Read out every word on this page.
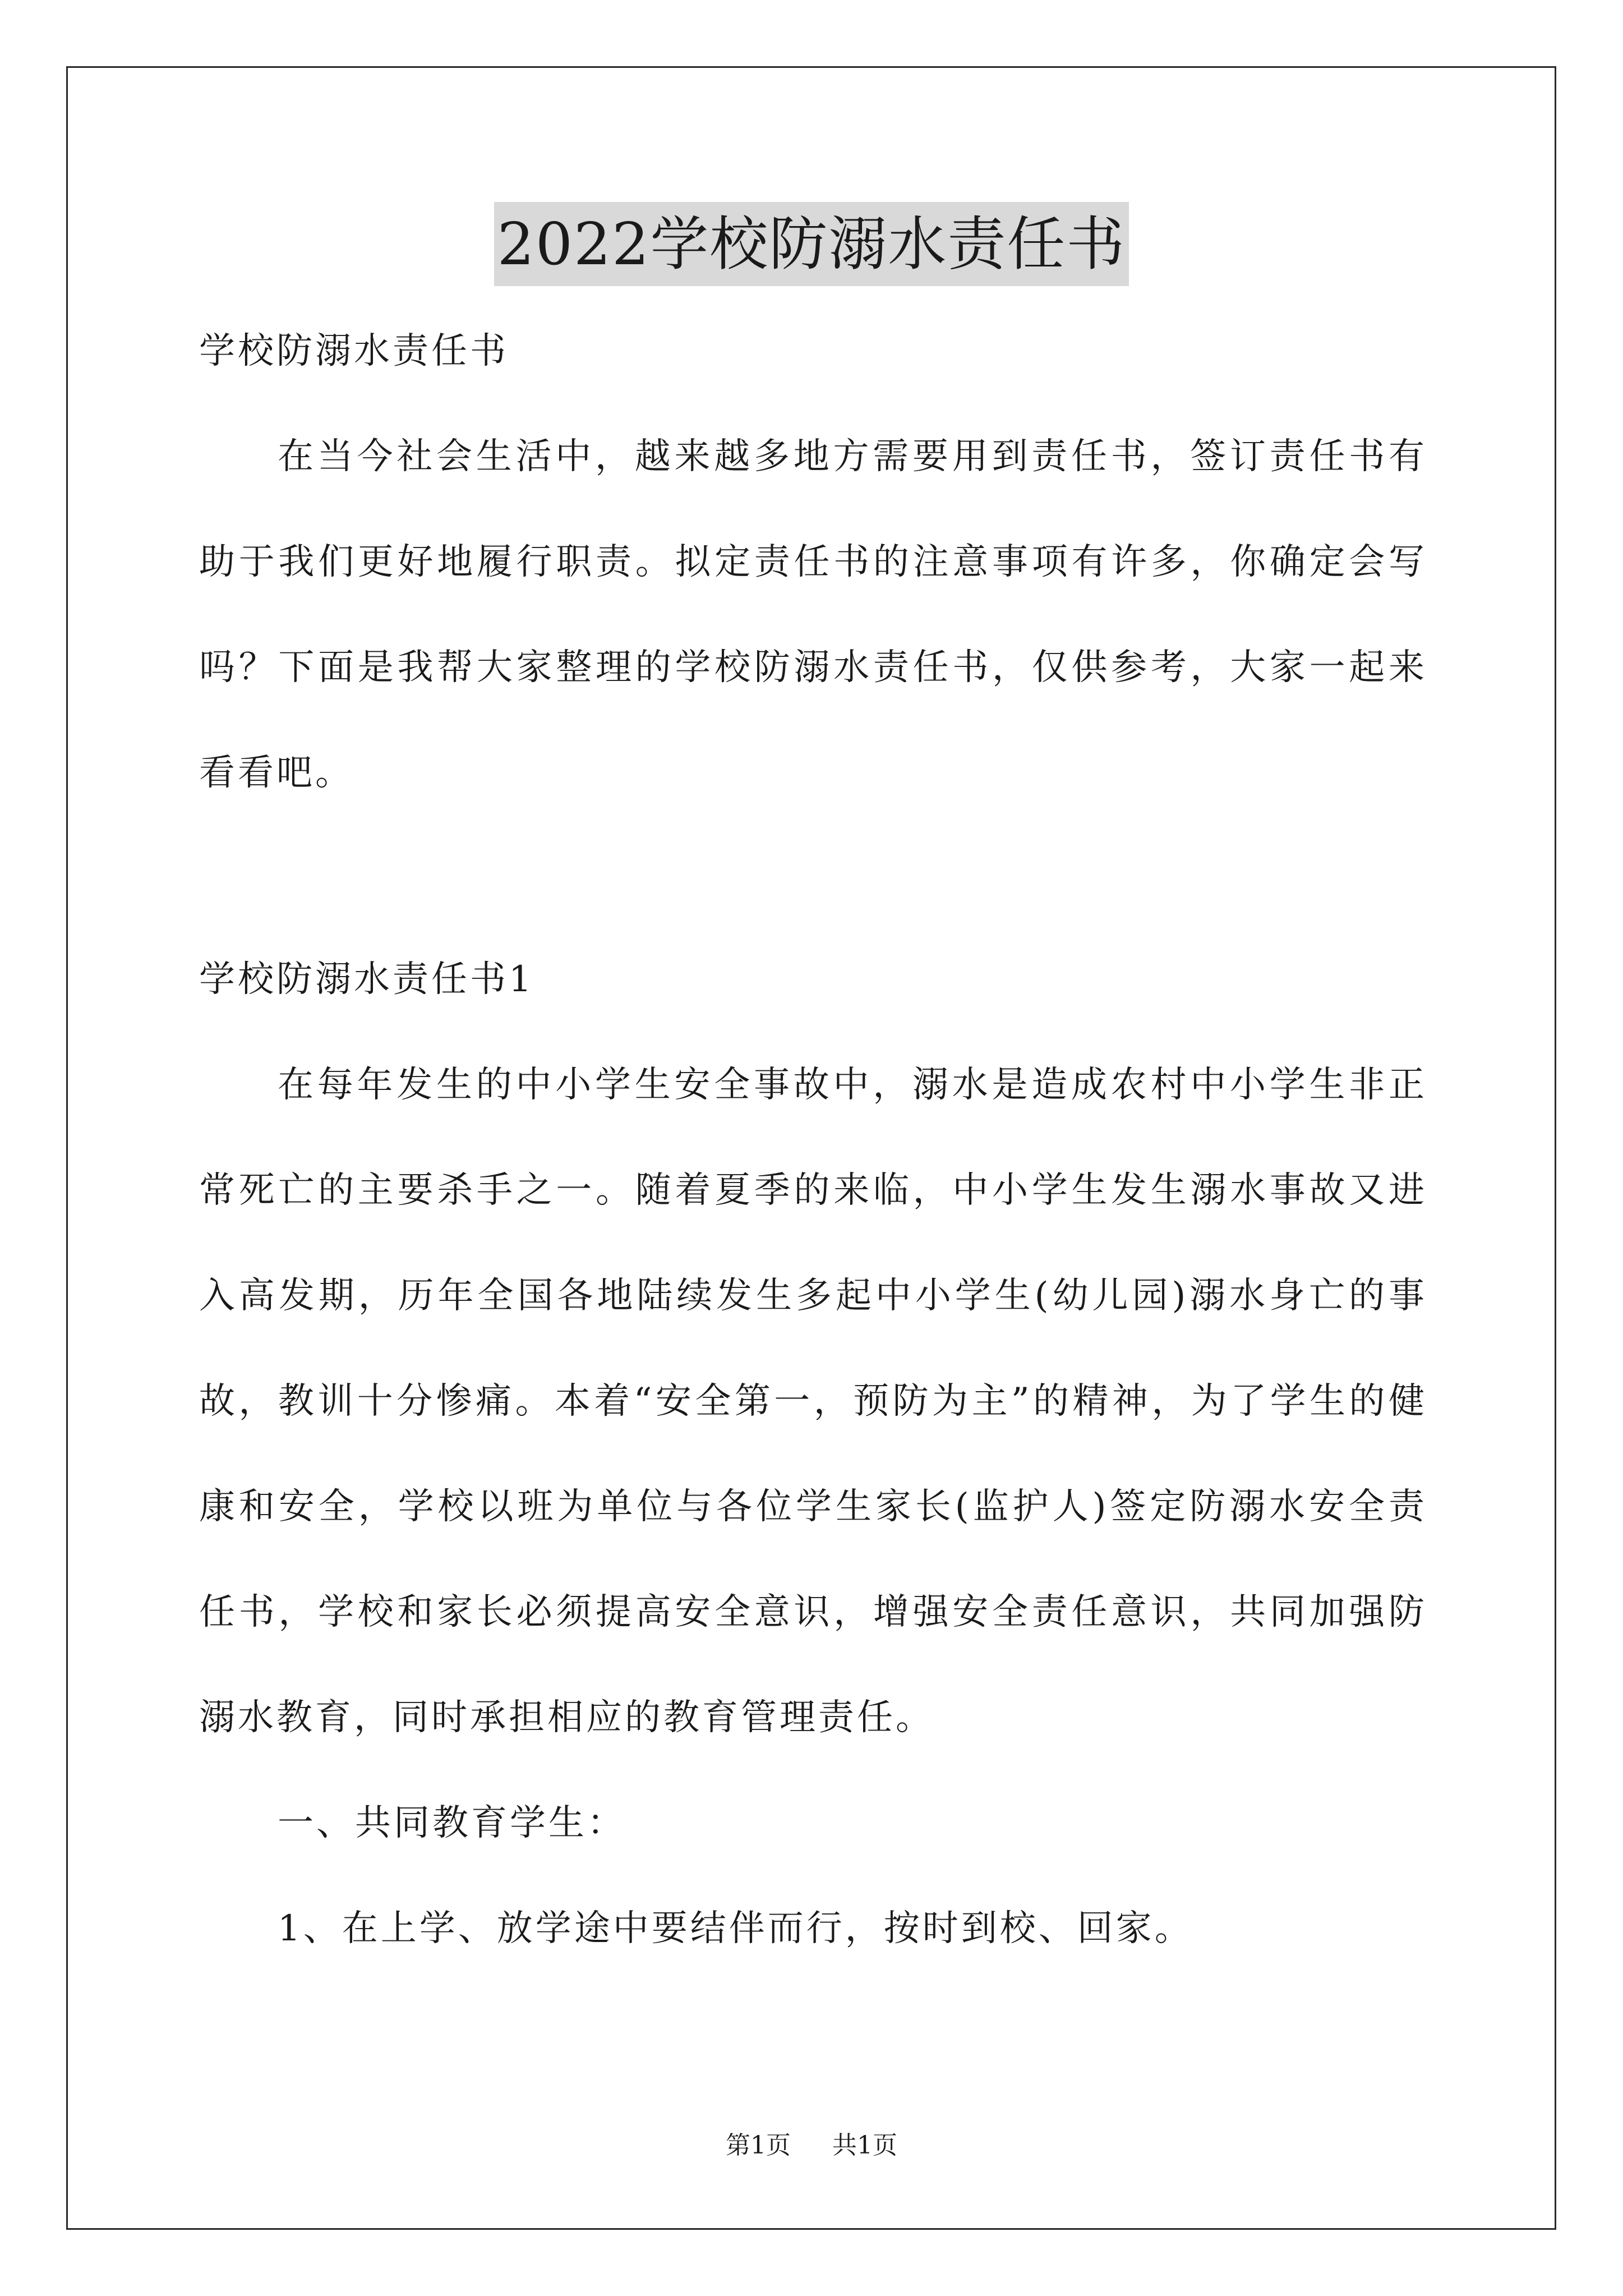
2022学校防溺水责任书

学校防溺水责任书

在当今社会生活中，越来越多地方需要用到责任书，签订责任书有助于我们更好地履行职责。拟定责任书的注意事项有许多，你确定会写吗？下面是我帮大家整理的学校防溺水责任书，仅供参考，大家一起来看看吧。

学校防溺水责任书1

在每年发生的中小学生安全事故中，溺水是造成农村中小学生非正常死亡的主要杀手之一。随着夏季的来临，中小学生发生溺水事故又进入高发期，历年全国各地陆续发生多起中小学生(幼儿园)溺水身亡的事故，教训十分惨痛。本着“安全第一，预防为主”的精神，为了学生的健康和安全，学校以班为单位与各位学生家长(监护人)签定防溺水安全责任书，学校和家长必须提高安全意识，增强安全责任意识，共同加强防溺水教育，同时承担相应的教育管理责任。

一、共同教育学生：

1、在上学、放学途中要结伴而行，按时到校、回家。

第1页 共1页
